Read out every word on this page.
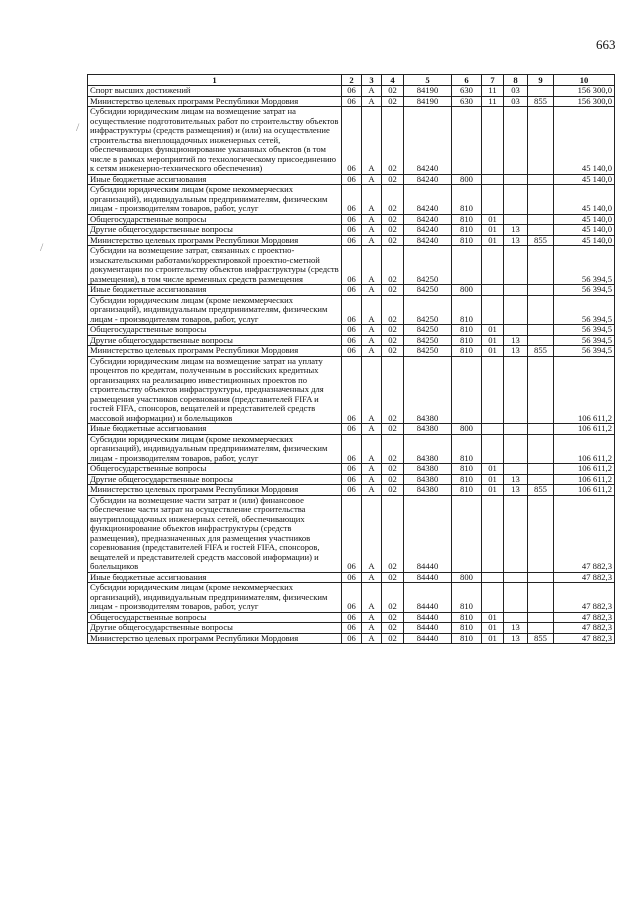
663
/
/
1	2	3	4	5	6	7	8	9	10
Спорт высших достижений	06	А	02	84190	630	11	03		156 300,0
Министерство целевых программ Республики Мордовия	06	А	02	84190	630	11	03	855	156 300,0
Субсидии юридическим лицам на возмещение затрат на осуществление подготовительных работ по строительству объектов инфраструктуры (средств размещения) и (или) на осуществление строительства внеплощадочных инженерных сетей, обеспечивающих функционирование указанных объектов (в том числе в рамках мероприятий по технологическому присоединению к сетям инженерно-технического обеспечения)	06	А	02	84240					45 140,0
Иные бюджетные ассигнования	06	А	02	84240	800				45 140,0
Субсидии юридическим лицам (кроме некоммерческих организаций), индивидуальным предпринимателям, физическим лицам - производителям товаров, работ, услуг	06	А	02	84240	810				45 140,0
Общегосударственные вопросы	06	А	02	84240	810	01			45 140,0
Другие общегосударственные вопросы	06	А	02	84240	810	01	13		45 140,0
Министерство целевых программ Республики Мордовия	06	А	02	84240	810	01	13	855	45 140,0
Субсидии на возмещение затрат, связанных с проектно-изыскательскими работами/корректировкой проектно-сметной документации по строительству объектов инфраструктуры (средств размещения), в том числе временных средств размещения	06	А	02	84250					56 394,5
Иные бюджетные ассигнования	06	А	02	84250	800				56 394,5
Субсидии юридическим лицам (кроме некоммерческих организаций), индивидуальным предпринимателям, физическим лицам - производителям товаров, работ, услуг	06	А	02	84250	810				56 394,5
Общегосударственные вопросы	06	А	02	84250	810	01			56 394,5
Другие общегосударственные вопросы	06	А	02	84250	810	01	13		56 394,5
Министерство целевых программ Республики Мордовия	06	А	02	84250	810	01	13	855	56 394,5
Субсидии юридическим лицам на возмещение затрат на уплату процентов по кредитам, полученным в российских кредитных организациях на реализацию инвестиционных проектов по строительству объектов инфраструктуры, предназначенных для размещения участников соревнования (представителей FIFA и гостей FIFA, спонсоров, вещателей и представителей средств массовой информации) и болельщиков	06	А	02	84380					106 611,2
Иные бюджетные ассигнования	06	А	02	84380	800				106 611,2
Субсидии юридическим лицам (кроме некоммерческих организаций), индивидуальным предпринимателям, физическим лицам - производителям товаров, работ, услуг	06	А	02	84380	810				106 611,2
Общегосударственные вопросы	06	А	02	84380	810	01			106 611,2
Другие общегосударственные вопросы	06	А	02	84380	810	01	13		106 611,2
Министерство целевых программ Республики Мордовия	06	А	02	84380	810	01	13	855	106 611,2
Субсидии на возмещение части затрат и (или) финансовое обеспечение части затрат на осуществление строительства внутриплощадочных инженерных сетей, обеспечивающих функционирование объектов инфраструктуры (средств размещения), предназначенных для размещения участников соревнования (представителей FIFA и гостей FIFA, спонсоров, вещателей и представителей средств массовой информации) и болельщиков	06	А	02	84440					47 882,3
Иные бюджетные ассигнования	06	А	02	84440	800				47 882,3
Субсидии юридическим лицам (кроме некоммерческих организаций), индивидуальным предпринимателям, физическим лицам - производителям товаров, работ, услуг	06	А	02	84440	810				47 882,3
Общегосударственные вопросы	06	А	02	84440	810	01			47 882,3
Другие общегосударственные вопросы	06	А	02	84440	810	01	13		47 882,3
Министерство целевых программ Республики Мордовия	06	А	02	84440	810	01	13	855	47 882,3
